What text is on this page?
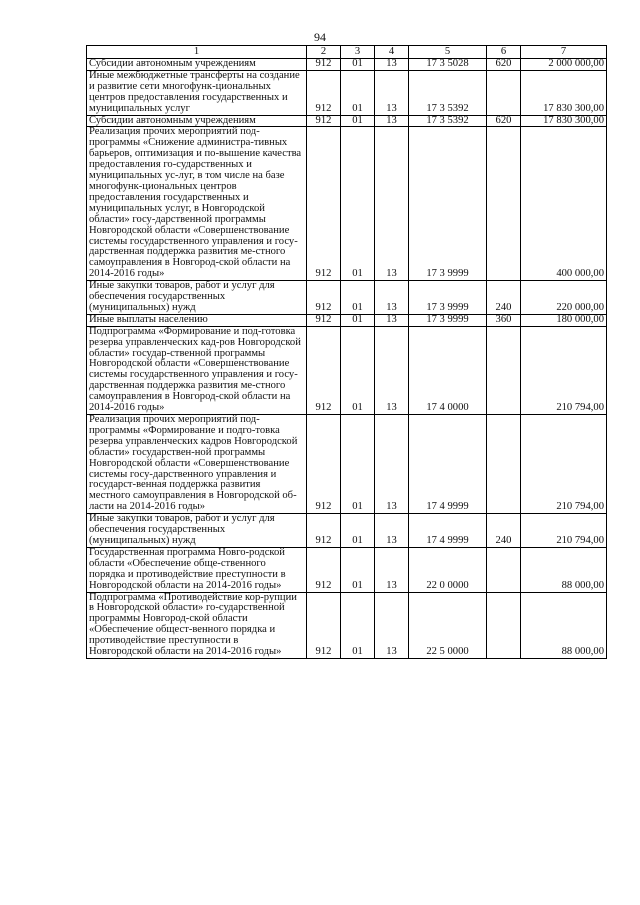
94
1	2	3	4	5	6	7
Субсидии автономным учреждениям	912	01	13	17 3 5028	620	2 000 000,00
Иные межбюджетные трансферты на создание и развитие сети многофунк-циональных центров предоставления государственных и муниципальных услуг	912	01	13	17 3 5392		17 830 300,00
Субсидии автономным учреждениям	912	01	13	17 3 5392	620	17 830 300,00
Реализация прочих мероприятий под-программы «Снижение администра-тивных барьеров, оптимизация и по-вышение качества предоставления го-сударственных и муниципальных ус-луг, в том числе на базе многофунк-циональных центров предоставления государственных и муниципальных услуг, в Новгородской области» госу-дарственной программы Новгородской области «Совершенствование системы государственного управления и госу-дарственная поддержка развития ме-стного самоуправления в Новгород-ской области на 2014-2016 годы»	912	01	13	17 3 9999		400 000,00
Иные закупки товаров, работ и услуг для обеспечения государственных (муниципальных) нужд	912	01	13	17 3 9999	240	220 000,00
Иные выплаты населению	912	01	13	17 3 9999	360	180 000,00
Подпрограмма «Формирование и под-готовка резерва управленческих кад-ров Новгородской области» государ-ственной программы Новгородской области «Совершенствование системы государственного управления и госу-дарственная поддержка развития ме-стного самоуправления в Новгород-ской области на 2014-2016 годы»	912	01	13	17 4 0000		210 794,00
Реализация прочих мероприятий под-программы «Формирование и подго-товка резерва управленческих кадров Новгородской области» государствен-ной программы Новгородской области «Совершенствование системы госу-дарственного управления и государст-венная поддержка развития местного самоуправления в Новгородской об-ласти на 2014-2016 годы»	912	01	13	17 4 9999		210 794,00
Иные закупки товаров, работ и услуг для обеспечения государственных (муниципальных) нужд	912	01	13	17 4 9999	240	210 794,00
Государственная программа Новго-родской области «Обеспечение обще-ственного порядка и противодействие преступности в Новгородской области на 2014-2016 годы»	912	01	13	22 0 0000		88 000,00
Подпрограмма «Противодействие кор-рупции в Новгородской области» го-сударственной программы Новгород-ской области «Обеспечение общест-венного порядка и противодействие преступности в Новгородской области на 2014-2016 годы»	912	01	13	22 5 0000		88 000,00
